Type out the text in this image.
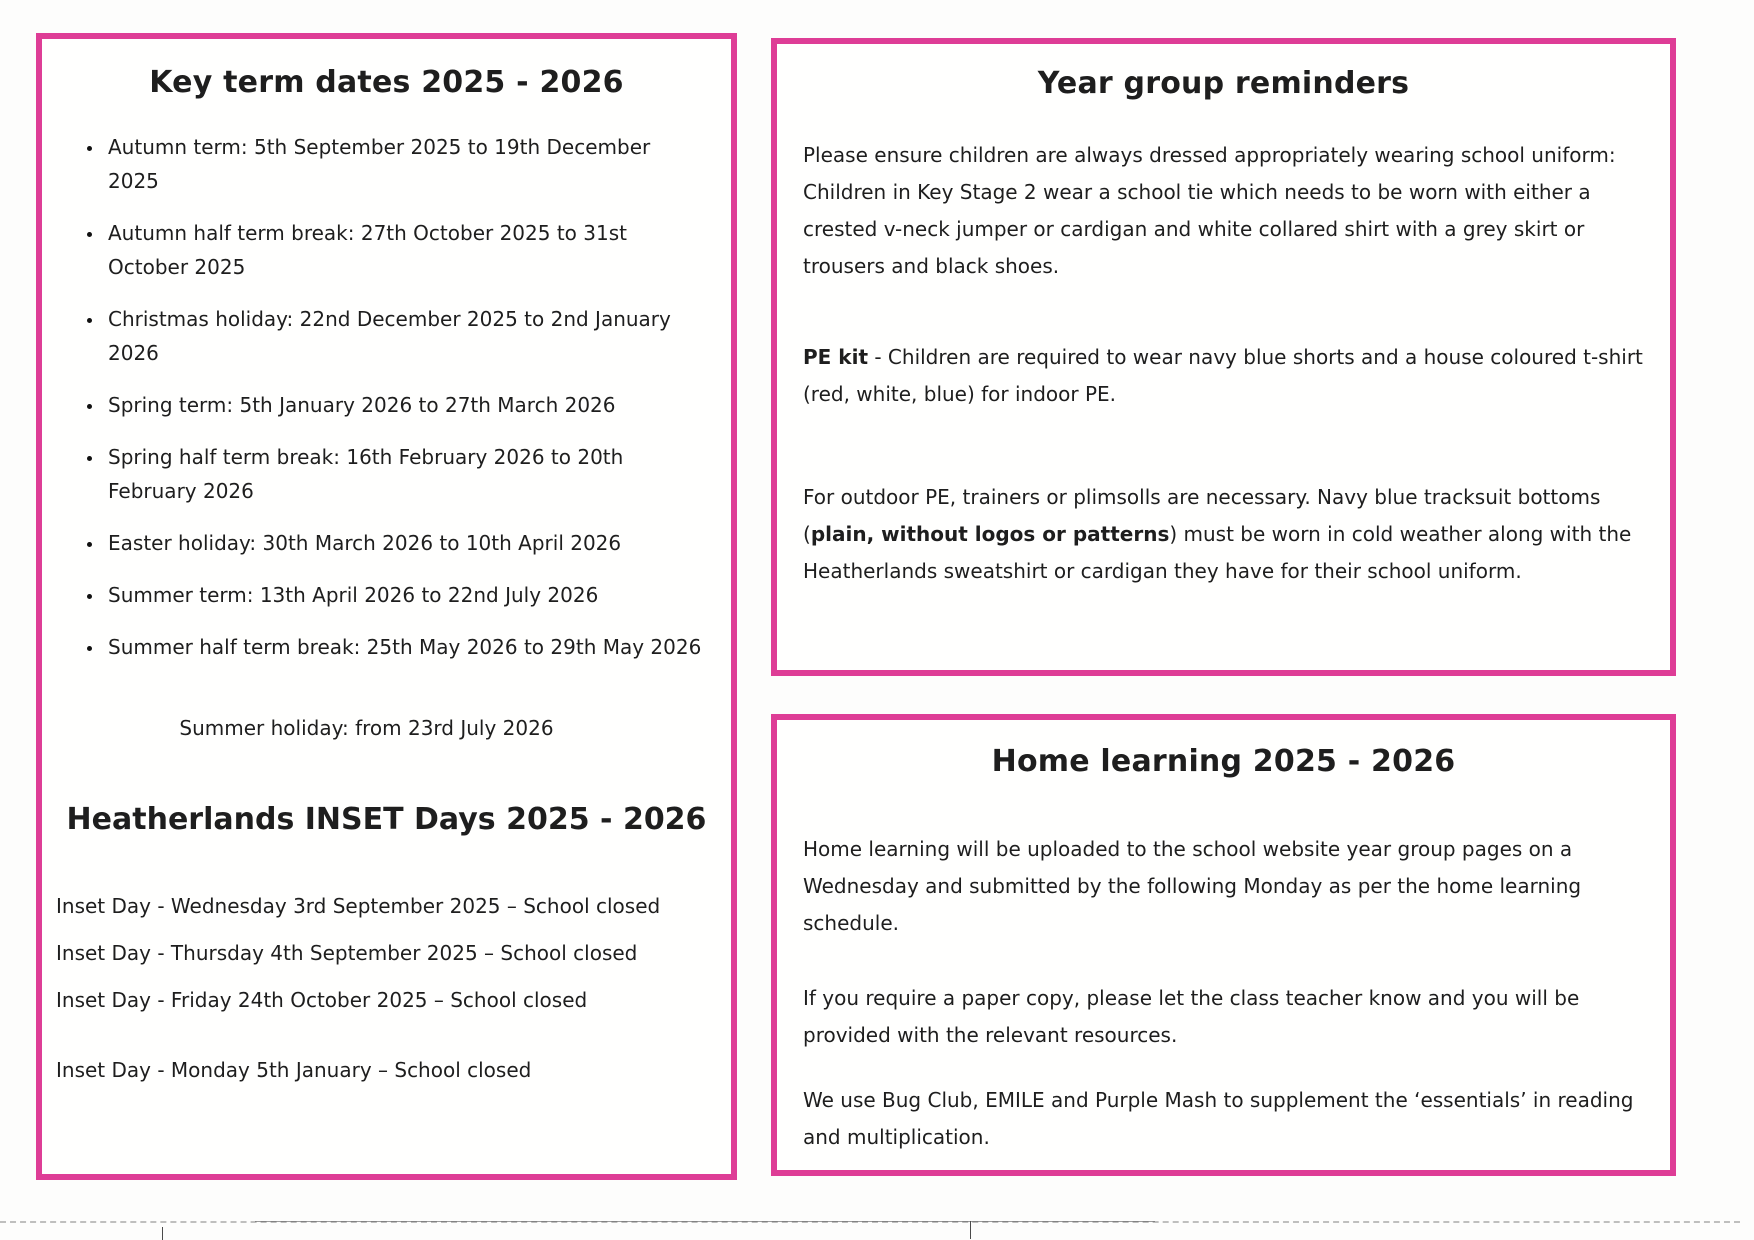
Key term dates 2025 - 2026
• Autumn term: 5th September 2025 to 19th December 2025
• Autumn half term break: 27th October 2025 to 31st October 2025
• Christmas holiday: 22nd December 2025 to 2nd January 2026
• Spring term: 5th January 2026 to 27th March 2026
• Spring half term break: 16th February 2026 to 20th February 2026
• Easter holiday: 30th March 2026 to 10th April 2026
• Summer term: 13th April 2026 to 22nd July 2026
• Summer half term break: 25th May 2026 to 29th May 2026

Summer holiday: from 23rd July 2026

Heatherlands INSET Days 2025 - 2026

Inset Day - Wednesday 3rd September 2025 – School closed

Inset Day - Thursday 4th September 2025 – School closed

Inset Day - Friday 24th October 2025 – School closed

Inset Day - Monday 5th January – School closed

Year group reminders

Please ensure children are always dressed appropriately wearing school uniform: Children in Key Stage 2 wear a school tie which needs to be worn with either a crested v-neck jumper or cardigan and white collared shirt with a grey skirt or trousers and black shoes.

PE kit - Children are required to wear navy blue shorts and a house coloured t-shirt (red, white, blue) for indoor PE.

For outdoor PE, trainers or plimsolls are necessary. Navy blue tracksuit bottoms (plain, without logos or patterns) must be worn in cold weather along with the Heatherlands sweatshirt or cardigan they have for their school uniform.

Home learning 2025 - 2026

Home learning will be uploaded to the school website year group pages on a Wednesday and submitted by the following Monday as per the home learning schedule.

If you require a paper copy, please let the class teacher know and you will be provided with the relevant resources.

We use Bug Club, EMILE and Purple Mash to supplement the ‘essentials’ in reading and multiplication.
